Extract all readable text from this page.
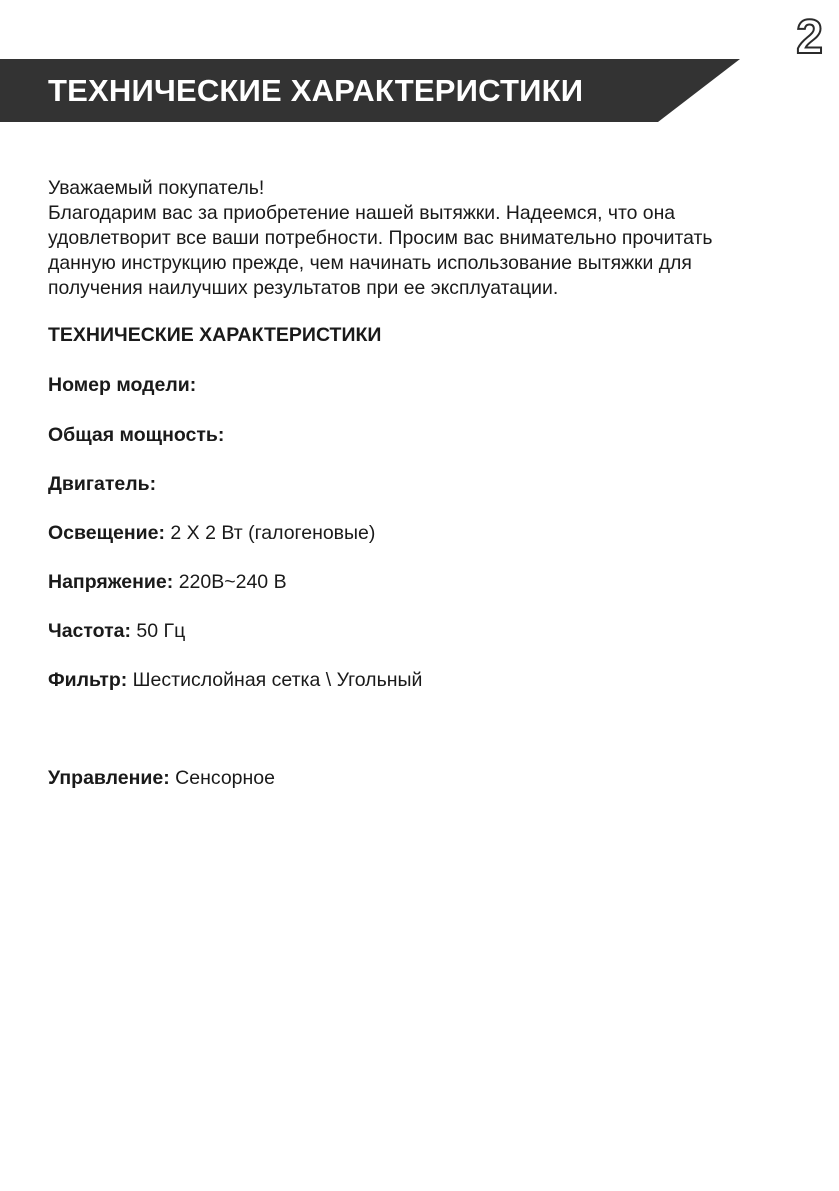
2
ТЕХНИЧЕСКИЕ ХАРАКТЕРИСТИКИ
Уважаемый покупатель!
Благодарим вас за приобретение нашей вытяжки. Надеемся, что она
удовлетворит все ваши потребности. Просим вас внимательно прочитать
данную инструкцию прежде, чем начинать использование вытяжки для
получения наилучших результатов при ее эксплуатации.
ТЕХНИЧЕСКИЕ ХАРАКТЕРИСТИКИ
Номер модели:
Общая мощность:
Двигатель:
Освещение: 2 Х 2 Вт (галогеновые)
Напряжение: 220В~240 В
Частота: 50 Гц
Фильтр: Шестислойная сетка \ Угольный
Управление: Сенсорное
